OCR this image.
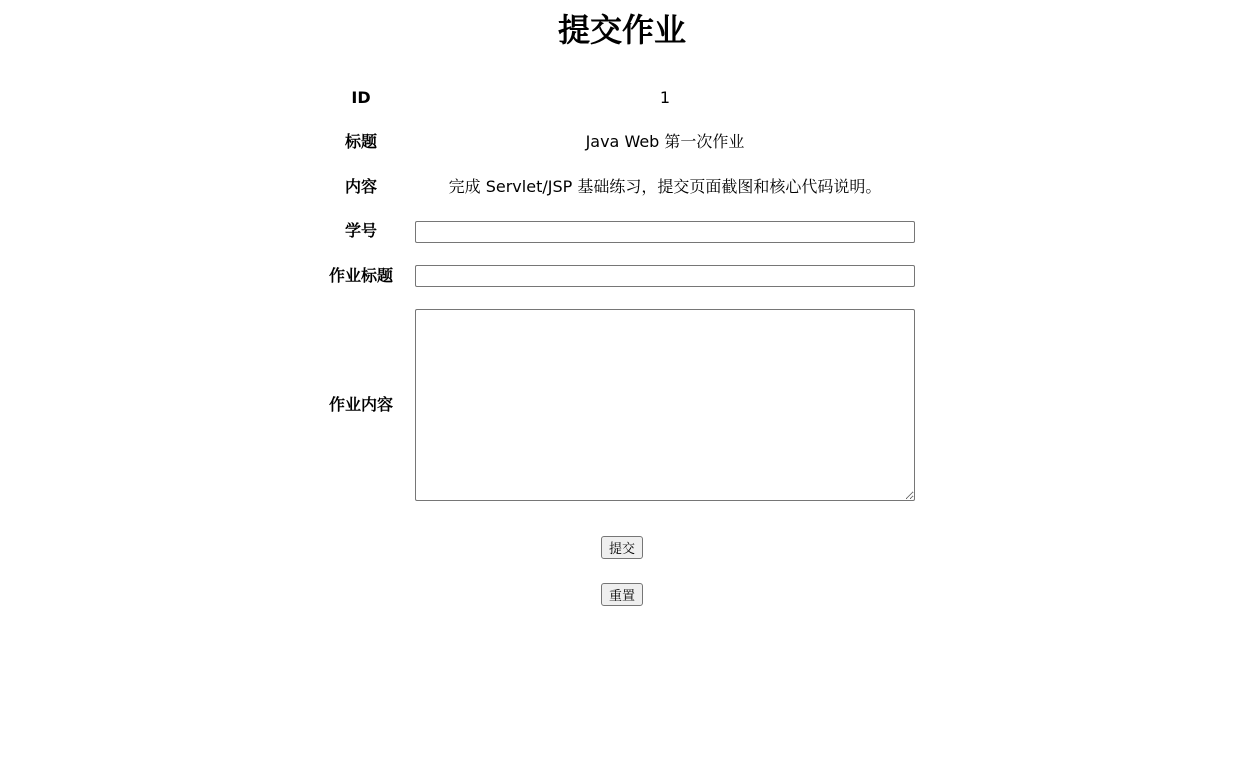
提交作业
ID	1
标题	Java Web 第一次作业
内容	完成 Servlet/JSP 基础练习，提交页面截图和核心代码说明。
学号
作业标题
作业内容
提交
重置
